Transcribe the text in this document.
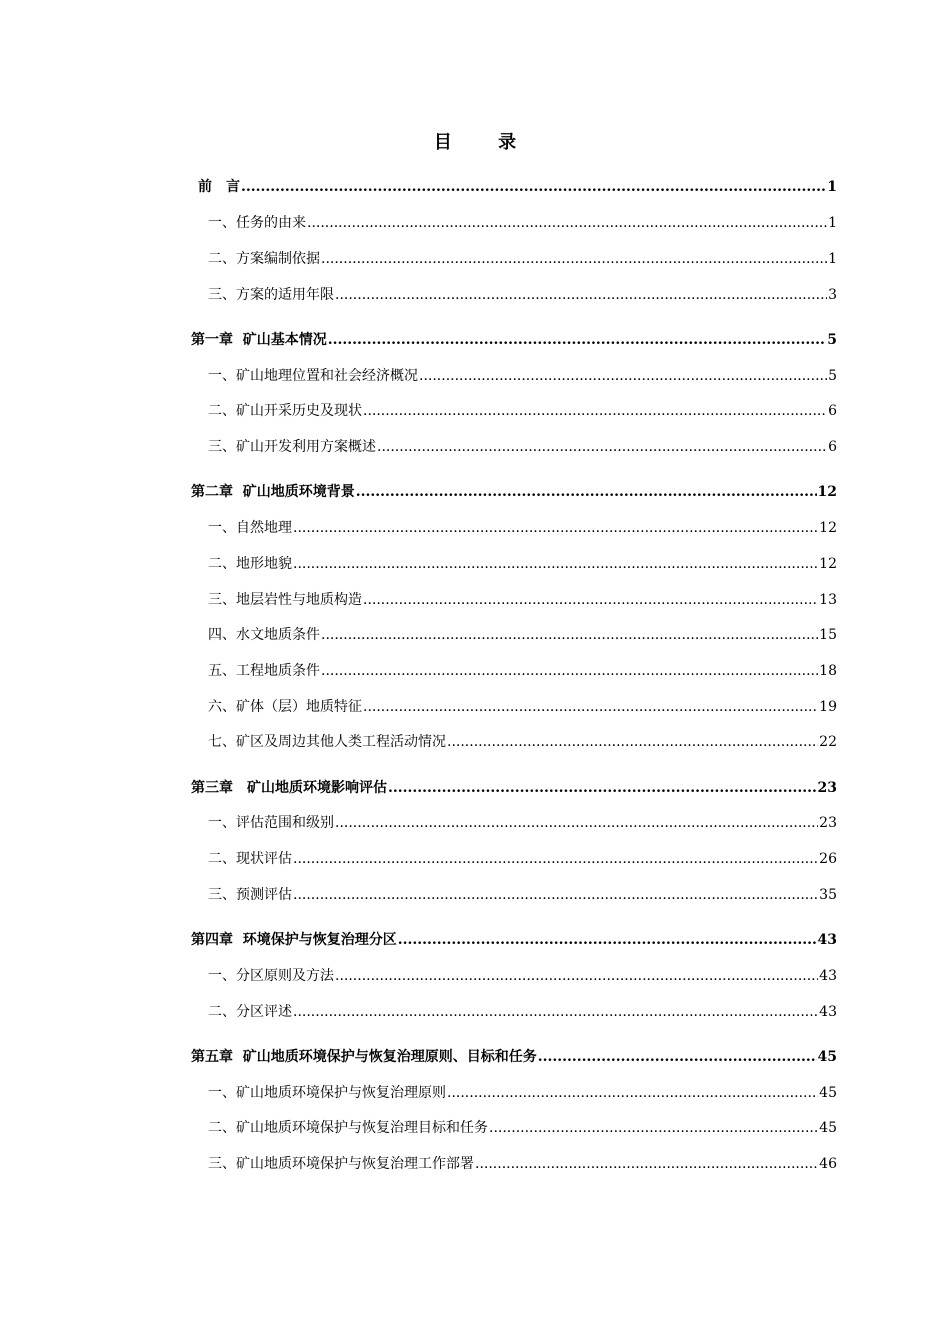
目 录
前　言 .....	1
一、任务的由来 .....	1
二、方案编制依据 .....	1
三、方案的适用年限 .....	3
第一章  矿山基本情况 .....	5
一、矿山地理位置和社会经济概况 .....	5
二、矿山开采历史及现状 .....	6
三、矿山开发利用方案概述 .....	6
第二章  矿山地质环境背景 .....	12
一、自然地理 .....	12
二、地形地貌 .....	12
三、地层岩性与地质构造 .....	13
四、水文地质条件 .....	15
五、工程地质条件 .....	18
六、矿体（层）地质特征 .....	19
七、矿区及周边其他人类工程活动情况 .....	22
第三章　矿山地质环境影响评估 .....	23
一、评估范围和级别 .....	23
二、现状评估 .....	26
三、预测评估 .....	35
第四章  环境保护与恢复治理分区 .....	43
一、分区原则及方法 .....	43
二、分区评述 .....	43
第五章  矿山地质环境保护与恢复治理原则、目标和任务 .....	45
一、矿山地质环境保护与恢复治理原则 .....	45
二、矿山地质环境保护与恢复治理目标和任务 .....	45
三、矿山地质环境保护与恢复治理工作部署 .....	46
